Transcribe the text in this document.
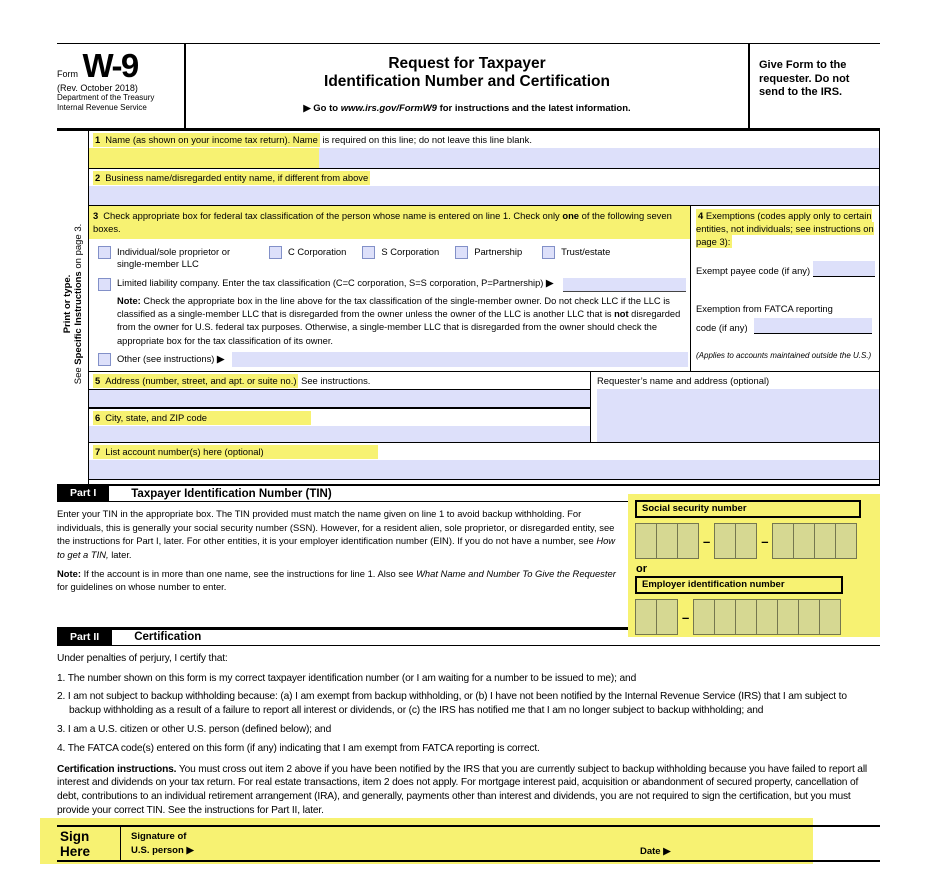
Form W-9
(Rev. October 2018)
Department of the Treasury
Internal Revenue Service
Request for Taxpayer
Identification Number and Certification
▶ Go to www.irs.gov/FormW9 for instructions and the latest information.
Give Form to the requester. Do not send to the IRS.
Print or type.
See Specific Instructions on page 3.
1 Name (as shown on your income tax return). Name is required on this line; do not leave this line blank.
2 Business name/disregarded entity name, if different from above
3 Check appropriate box for federal tax classification of the person whose name is entered on line 1. Check only one of the following seven boxes.
Individual/sole proprietor or single-member LLC
C Corporation	S Corporation	Partnership	Trust/estate
Limited liability company. Enter the tax classification (C=C corporation, S=S corporation, P=Partnership) ▶
Note: Check the appropriate box in the line above for the tax classification of the single-member owner. Do not check LLC if the LLC is classified as a single-member LLC that is disregarded from the owner unless the owner of the LLC is another LLC that is not disregarded from the owner for U.S. federal tax purposes. Otherwise, a single-member LLC that is disregarded from the owner should check the appropriate box for the tax classification of its owner.
Other (see instructions) ▶
4 Exemptions (codes apply only to certain entities, not individuals; see instructions on page 3):
Exempt payee code (if any)
Exemption from FATCA reporting
code (if any)
(Applies to accounts maintained outside the U.S.)
5 Address (number, street, and apt. or suite no.) See instructions.
6 City, state, and ZIP code
Requester’s name and address (optional)
7 List account number(s) here (optional)
Part I	Taxpayer Identification Number (TIN)

Enter your TIN in the appropriate box. The TIN provided must match the name given on line 1 to avoid backup withholding. For individuals, this is generally your social security number (SSN). However, for a resident alien, sole proprietor, or disregarded entity, see the instructions for Part I, later. For other entities, it is your employer identification number (EIN). If you do not have a number, see How to get a TIN, later.

Note: If the account is in more than one name, see the instructions for line 1. Also see What Name and Number To Give the Requester for guidelines on whose number to enter.

Social security number
–	–
or
Employer identification number
–
Part II	Certification
Under penalties of perjury, I certify that:
1. The number shown on this form is my correct taxpayer identification number (or I am waiting for a number to be issued to me); and
2. I am not subject to backup withholding because: (a) I am exempt from backup withholding, or (b) I have not been notified by the Internal Revenue Service (IRS) that I am subject to backup withholding as a result of a failure to report all interest or dividends, or (c) the IRS has notified me that I am no longer subject to backup withholding; and
3. I am a U.S. citizen or other U.S. person (defined below); and
4. The FATCA code(s) entered on this form (if any) indicating that I am exempt from FATCA reporting is correct.
Certification instructions. You must cross out item 2 above if you have been notified by the IRS that you are currently subject to backup withholding because you have failed to report all interest and dividends on your tax return. For real estate transactions, item 2 does not apply. For mortgage interest paid, acquisition or abandonment of secured property, cancellation of debt, contributions to an individual retirement arrangement (IRA), and generally, payments other than interest and dividends, you are not required to sign the certification, but you must provide your correct TIN. See the instructions for Part II, later.
Sign
Here
Signature of
U.S. person ▶	Date ▶
